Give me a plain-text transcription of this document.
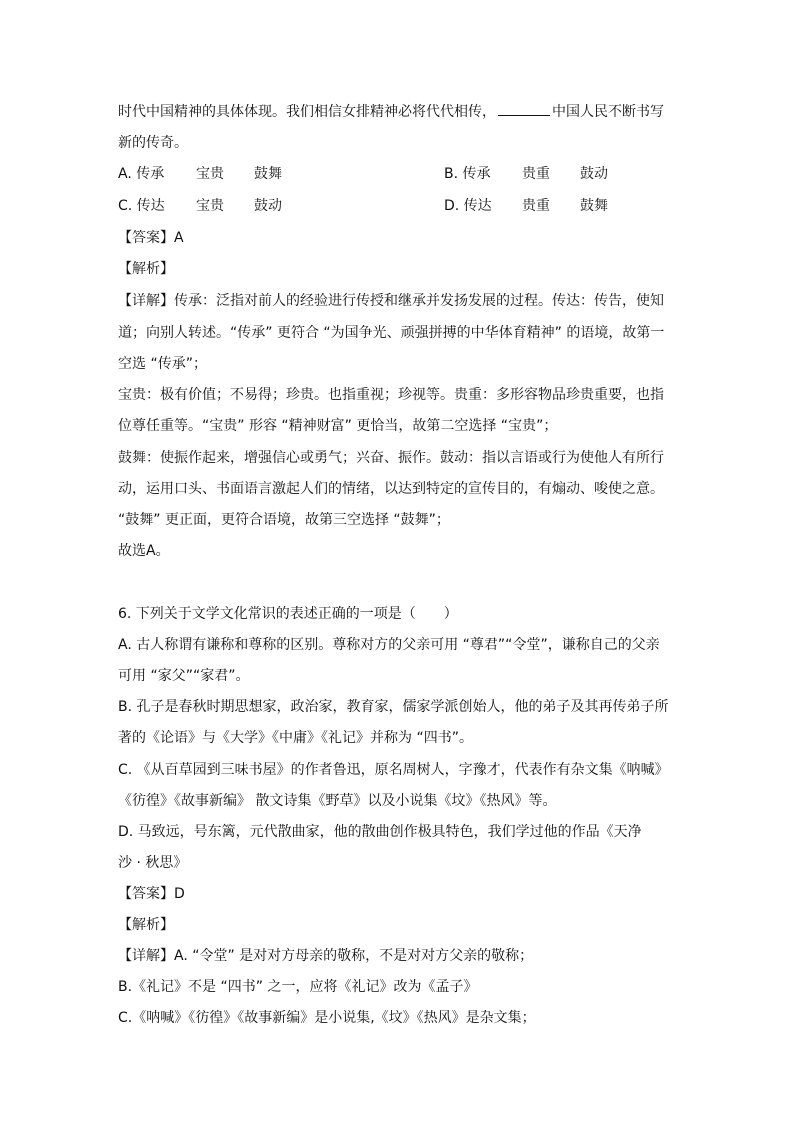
时代中国精神的具体体现。我们相信女排精神必将代代相传，	中国人民不断书写
新的传奇。
A. 传承 宝贵 鼓舞	B. 传承 贵重 鼓动
C. 传达 宝贵 鼓动	D. 传达 贵重 鼓舞
【答案】A
【解析】
【详解】传承：泛指对前人的经验进行传授和继承并发扬发展的过程。传达：传告，使知
道；向别人转述。“传承” 更符合 “为国争光、顽强拼搏的中华体育精神” 的语境，故第一
空选 “传承”；
宝贵：极有价值；不易得；珍贵。也指重视；珍视等。贵重：多形容物品珍贵重要，也指
位尊任重等。“宝贵” 形容 “精神财富” 更恰当，故第二空选择 “宝贵”；
鼓舞：使振作起来，增强信心或勇气；兴奋、振作。鼓动：指以言语或行为使他人有所行
动，运用口头、书面语言激起人们的情绪，以达到特定的宣传目的，有煽动、唆使之意。
“鼓舞” 更正面，更符合语境，故第三空选择 “鼓舞”；
故选A。
6. 下列关于文学文化常识的表述正确的一项是（　　）
A. 古人称谓有谦称和尊称的区别。尊称对方的父亲可用 “尊君”“令堂”，谦称自己的父亲
可用 “家父”“家君”。
B. 孔子是春秋时期思想家，政治家，教育家，儒家学派创始人，他的弟子及其再传弟子所
著的《论语》与《大学》《中庸》《礼记》并称为 “四书”。
C. 《从百草园到三味书屋》的作者鲁迅，原名周树人，字豫才，代表作有杂文集《呐喊》
《彷徨》《故事新编》 散文诗集《野草》以及小说集《坟》《热风》等。
D. 马致远，号东篱，元代散曲家，他的散曲创作极具特色，我们学过他的作品《天净
沙 · 秋思》
【答案】D
【解析】
【详解】A. “令堂” 是对对方母亲的敬称，不是对对方父亲的敬称；
B.《礼记》不是 “四书” 之一，应将《礼记》改为《孟子》
C.《呐喊》《彷徨》《故事新编》是小说集,《坟》《热风》是杂文集；
